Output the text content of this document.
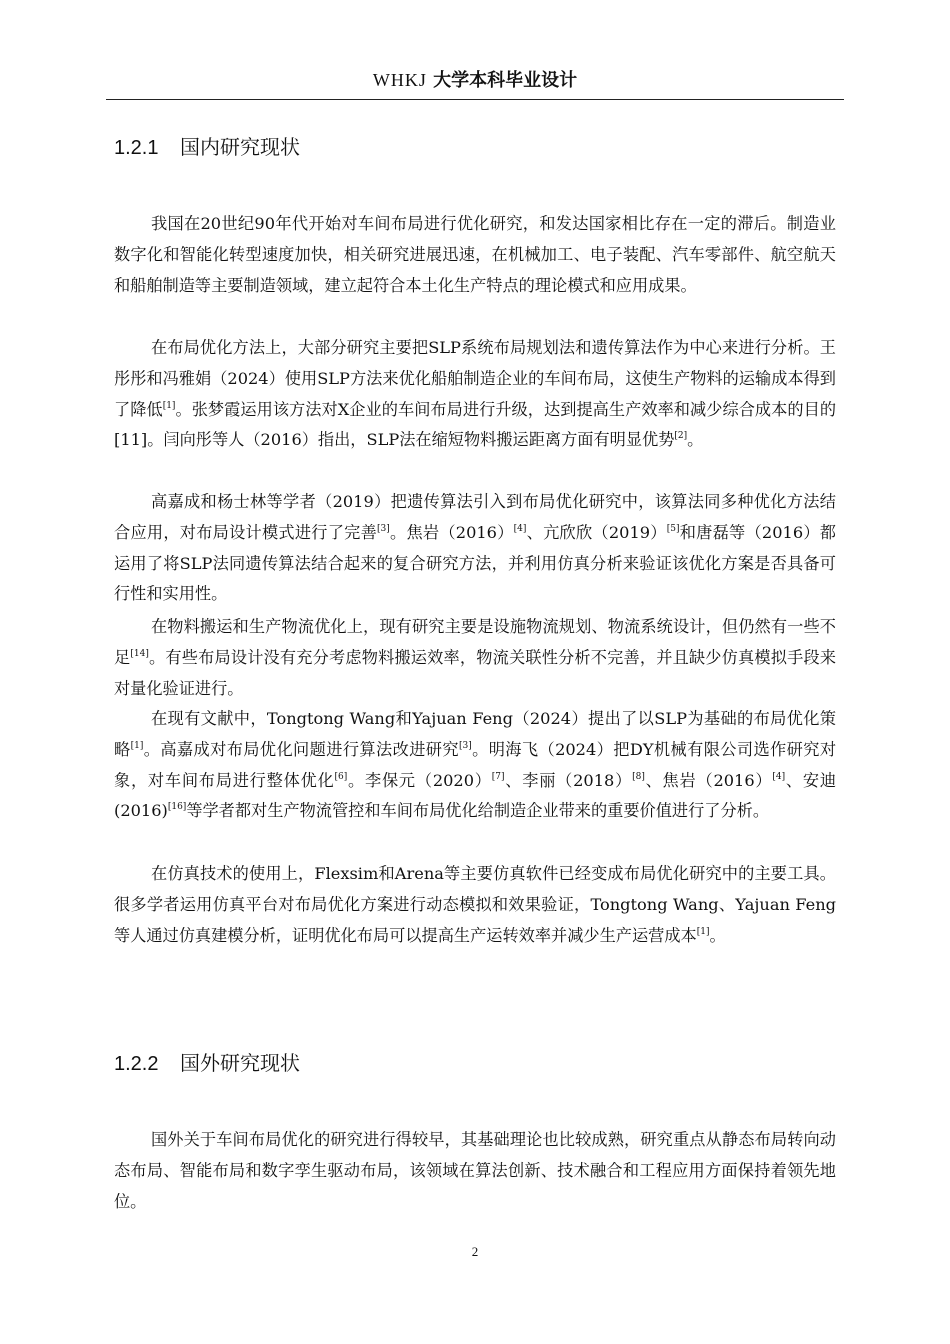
WHKJ 大学本科毕业设计
1.2.1 国内研究现状
我国在20世纪90年代开始对车间布局进行优化研究，和发达国家相比存在一定的滞后。制造业数字化和智能化转型速度加快，相关研究进展迅速，在机械加工、电子装配、汽车零部件、航空航天和船舶制造等主要制造领域，建立起符合本土化生产特点的理论模式和应用成果。
在布局优化方法上，大部分研究主要把SLP系统布局规划法和遗传算法作为中心来进行分析。王彤彤和冯雅娟（2024）使用SLP方法来优化船舶制造企业的车间布局，这使生产物料的运输成本得到了降低[1]。张梦霞运用该方法对X企业的车间布局进行升级，达到提高生产效率和减少综合成本的目的[11]。闫向彤等人（2016）指出，SLP法在缩短物料搬运距离方面有明显优势[2]。
高嘉成和杨士林等学者（2019）把遗传算法引入到布局优化研究中，该算法同多种优化方法结合应用，对布局设计模式进行了完善[3]。焦岩（2016）[4]、亢欣欣（2019）[5]和唐磊等（2016）都运用了将SLP法同遗传算法结合起来的复合研究方法，并利用仿真分析来验证该优化方案是否具备可行性和实用性。
在物料搬运和生产物流优化上，现有研究主要是设施物流规划、物流系统设计，但仍然有一些不足[14]。有些布局设计没有充分考虑物料搬运效率，物流关联性分析不完善，并且缺少仿真模拟手段来对量化验证进行。
在现有文献中，Tongtong Wang和Yajuan Feng（2024）提出了以SLP为基础的布局优化策略[1]。高嘉成对布局优化问题进行算法改进研究[3]。明海飞（2024）把DY机械有限公司选作研究对象，对车间布局进行整体优化[6]。李保元（2020）[7]、李丽（2018）[8]、焦岩（2016）[4]、安迪(2016)[16]等学者都对生产物流管控和车间布局优化给制造企业带来的重要价值进行了分析。
在仿真技术的使用上，Flexsim和Arena等主要仿真软件已经变成布局优化研究中的主要工具。很多学者运用仿真平台对布局优化方案进行动态模拟和效果验证，Tongtong Wang、Yajuan Feng等人通过仿真建模分析，证明优化布局可以提高生产运转效率并减少生产运营成本[1]。
1.2.2 国外研究现状
国外关于车间布局优化的研究进行得较早，其基础理论也比较成熟，研究重点从静态布局转向动态布局、智能布局和数字孪生驱动布局，该领域在算法创新、技术融合和工程应用方面保持着领先地位。
2
